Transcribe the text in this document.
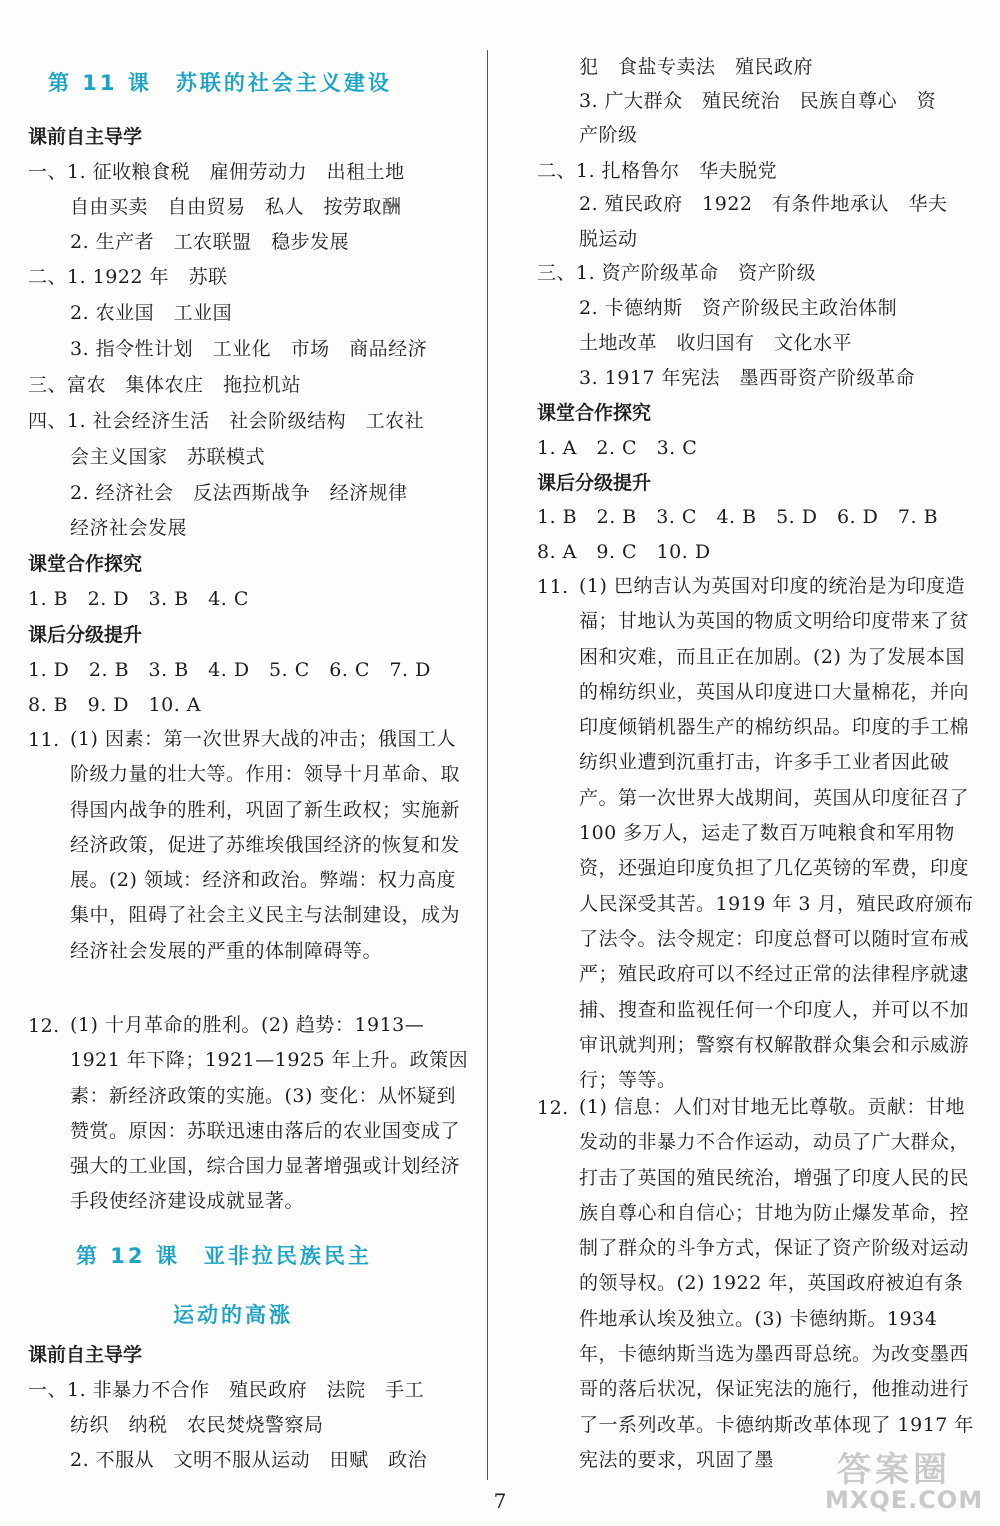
第 11 课　苏联的社会主义建设
课前自主导学
一、1. 征收粮食税　雇佣劳动力　出租土地
自由买卖　自由贸易　私人　按劳取酬
2. 生产者　工农联盟　稳步发展
二、1. 1922 年　苏联
2. 农业国　工业国
3. 指令性计划　工业化　市场　商品经济
三、富农　集体农庄　拖拉机站
四、1. 社会经济生活　社会阶级结构　工农社
会主义国家　苏联模式
2. 经济社会　反法西斯战争　经济规律
经济社会发展
课堂合作探究
1. B　2. D　3. B　4. C
课后分级提升
1. D　2. B　3. B　4. D　5. C　6. C　7. D
8. B　9. D　10. A
11. (1) 因素：第一次世界大战的冲击；俄国工人阶级力量的壮大等。作用：领导十月革命、取得国内战争的胜利，巩固了新生政权；实施新经济政策，促进了苏维埃俄国经济的恢复和发展。(2) 领域：经济和政治。弊端：权力高度集中，阻碍了社会主义民主与法制建设，成为经济社会发展的严重的体制障碍等。
12. (1) 十月革命的胜利。(2) 趋势：1913—1921 年下降；1921—1925 年上升。政策因素：新经济政策的实施。(3) 变化：从怀疑到赞赏。原因：苏联迅速由落后的农业国变成了强大的工业国，综合国力显著增强或计划经济手段使经济建设成就显著。
第 12 课　亚非拉民族民主
运动的高涨
课前自主导学
一、1. 非暴力不合作　殖民政府　法院　手工
纺织　纳税　农民焚烧警察局
2. 不服从　文明不服从运动　田赋　政治
犯　食盐专卖法　殖民政府
3. 广大群众　殖民统治　民族自尊心　资
产阶级
二、1. 扎格鲁尔　华夫脱党
2. 殖民政府　1922　有条件地承认　华夫
脱运动
三、1. 资产阶级革命　资产阶级
2. 卡德纳斯　资产阶级民主政治体制
土地改革　收归国有　文化水平
3. 1917 年宪法　墨西哥资产阶级革命
课堂合作探究
1. A　2. C　3. C
课后分级提升
1. B　2. B　3. C　4. B　5. D　6. D　7. B
8. A　9. C　10. D
11. (1) 巴纳吉认为英国对印度的统治是为印度造福；甘地认为英国的物质文明给印度带来了贫困和灾难，而且正在加剧。(2) 为了发展本国的棉纺织业，英国从印度进口大量棉花，并向印度倾销机器生产的棉纺织品。印度的手工棉纺织业遭到沉重打击，许多手工业者因此破产。第一次世界大战期间，英国从印度征召了 100 多万人，运走了数百万吨粮食和军用物资，还强迫印度负担了几亿英镑的军费，印度人民深受其苦。1919 年 3 月，殖民政府颁布了法令。法令规定：印度总督可以随时宣布戒严；殖民政府可以不经过正常的法律程序就逮捕、搜查和监视任何一个印度人，并可以不加审讯就判刑；警察有权解散群众集会和示威游行；等等。
12. (1) 信息：人们对甘地无比尊敬。贡献：甘地发动的非暴力不合作运动，动员了广大群众，打击了英国的殖民统治，增强了印度人民的民族自尊心和自信心；甘地为防止爆发革命，控制了群众的斗争方式，保证了资产阶级对运动的领导权。(2) 1922 年，英国政府被迫有条件地承认埃及独立。(3) 卡德纳斯。1934 年，卡德纳斯当选为墨西哥总统。为改变墨西哥的落后状况，保证宪法的施行，他推动进行了一系列改革。卡德纳斯改革体现了 1917 年宪法的要求，巩固了墨
7
答案圈
MXQE.COM
